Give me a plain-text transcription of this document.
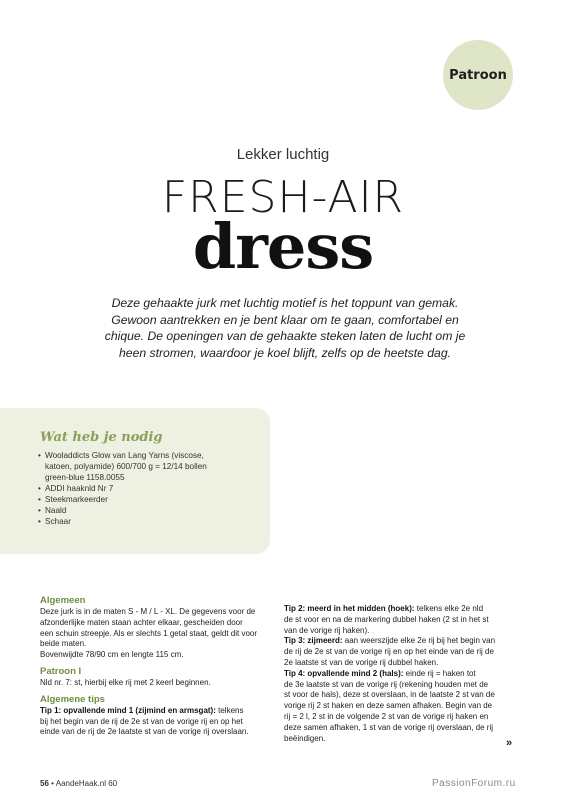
Patroon
Lekker luchtig
FRESH-AIR
dress
Deze gehaakte jurk met luchtig motief is het toppunt van gemak.
Gewoon aantrekken en je bent klaar om te gaan, comfortabel en
chique. De openingen van de gehaakte steken laten de lucht om je
heen stromen, waardoor je koel blijft, zelfs op de heetste dag.
Wat heb je nodig
• Wooladdicts Glow van Lang Yarns (viscose,
katoen, polyamide) 600/700 g = 12/14 bollen
green-blue 1158.0055
• ADDI haaknld Nr 7
• Steekmarkeerder
• Naald
• Schaar
Algemeen
Deze jurk is in de maten S - M / L - XL. De gegevens voor de
afzonderlijke maten staan achter elkaar, gescheiden door
een schuin streepje. Als er slechts 1 getal staat, geldt dit voor
beide maten.
Bovenwijdte 78/90 cm en lengte 115 cm.
Patroon I
Nld nr. 7: st, hierbij elke rij met 2 keerl beginnen.
Algemene tips
Tip 1: opvallende mind 1 (zijmind en armsgat): telkens
bij het begin van de rij de 2e st van de vorige rij en op het
einde van de rij de 2e laatste st van de vorige rij overslaan.
Tip 2: meerd in het midden (hoek): telkens elke 2e nld
de st voor en na de markering dubbel haken (2 st in het st
van de vorige rij haken).
Tip 3: zijmeerd: aan weerszijde elke 2e rij bij het begin van
de rij de 2e st van de vorige rij en op het einde van de rij de
2e laatste st van de vorige rij dubbel haken.
Tip 4: opvallende mind 2 (hals): einde rij = haken tot
de 3e laatste st van de vorige rij (rekening houden met de
st voor de hals), deze st overslaan, in de laatste 2 st van de
vorige rij 2 st haken en deze samen afhaken. Begin van de
rij = 2 l, 2 st in de volgende 2 st van de vorige rij haken en
deze samen afhaken, 1 st van de vorige rij overslaan, de rij
beëindigen.	»
56 • AandeHaak.nl 60	PassionForum.ru
